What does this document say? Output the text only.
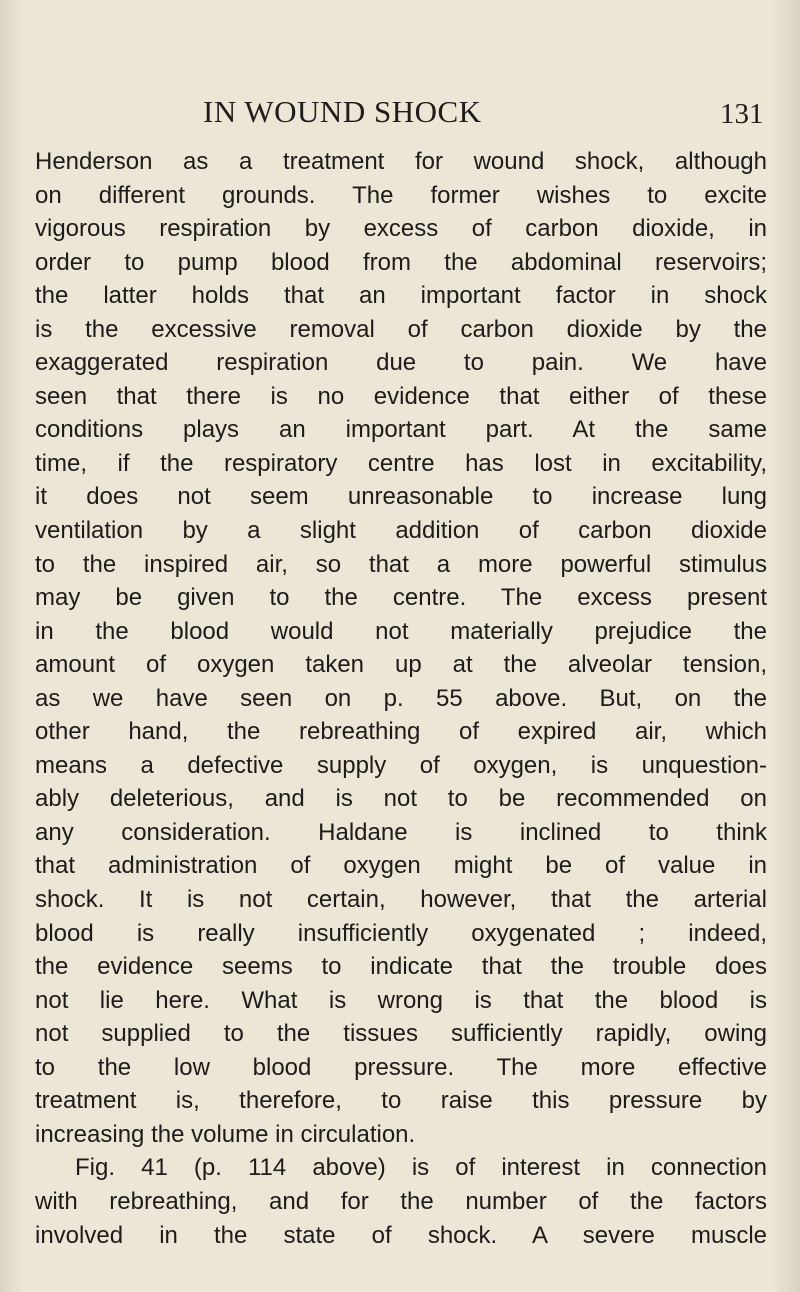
IN WOUND SHOCK	131
Henderson as a treatment for wound shock, although
on different grounds. The former wishes to excite
vigorous respiration by excess of carbon dioxide, in
order to pump blood from the abdominal reservoirs;
the latter holds that an important factor in shock
is the excessive removal of carbon dioxide by the
exaggerated respiration due to pain. We have
seen that there is no evidence that either of these
conditions plays an important part. At the same
time, if the respiratory centre has lost in excitability,
it does not seem unreasonable to increase lung
ventilation by a slight addition of carbon dioxide
to the inspired air, so that a more powerful stimulus
may be given to the centre. The excess present
in the blood would not materially prejudice the
amount of oxygen taken up at the alveolar tension,
as we have seen on p. 55 above. But, on the
other hand, the rebreathing of expired air, which
means a defective supply of oxygen, is unquestion-
ably deleterious, and is not to be recommended on
any consideration. Haldane is inclined to think
that administration of oxygen might be of value in
shock. It is not certain, however, that the arterial
blood is really insufficiently oxygenated ; indeed,
the evidence seems to indicate that the trouble does
not lie here. What is wrong is that the blood is
not supplied to the tissues sufficiently rapidly, owing
to the low blood pressure. The more effective
treatment is, therefore, to raise this pressure by
increasing the volume in circulation.
Fig. 41 (p. 114 above) is of interest in connection
with rebreathing, and for the number of the factors
involved in the state of shock. A severe muscle
